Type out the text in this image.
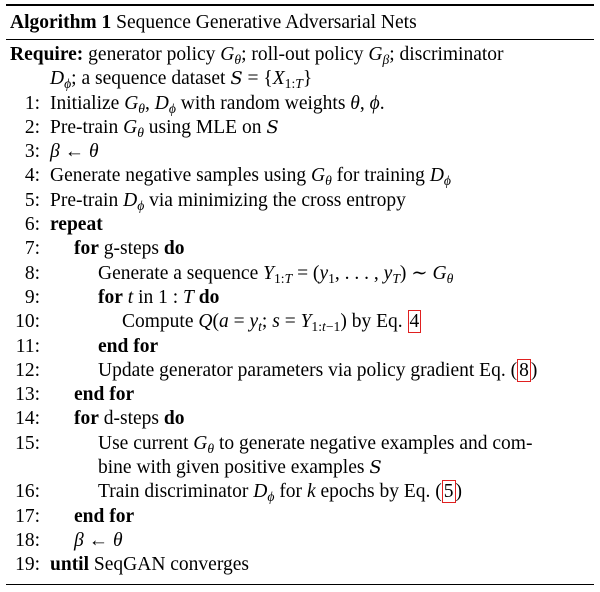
Algorithm 1 Sequence Generative Adversarial Nets
Require: generator policy $G_\theta$; roll-out policy $G_\beta$; discriminator
$D_\phi$; a sequence dataset $S = \{X_{1:T}\}$
1: Initialize $G_\theta$, $D_\phi$ with random weights θ, ϕ.
2: Pre-train $G_\theta$ using MLE on S
3: β ← θ
4: Generate negative samples using $G_\theta$ for training $D_\phi$
5: Pre-train $D_\phi$ via minimizing the cross entropy
6: repeat
7: for g-steps do
8:	Generate a sequence $Y_{1:T} = (y_1$, . . . , $y_T$) ∼ $G_\theta$
9:	for t in 1 : T do
10:	Compute $Q(a = y_t$; $s = Y_{1:t-1}$) by Eq. 4
11:	end for
12:	Update generator parameters via policy gradient Eq. ( 8 )
13: end for
14: for d-steps do
15:	Use current $G_\theta$ to generate negative examples and com-
bine with given positive examples S
16:	Train discriminator $D_\phi$ for k epochs by Eq. ( 5 )
17: end for
18: β ← θ
19: until SeqGAN converges
